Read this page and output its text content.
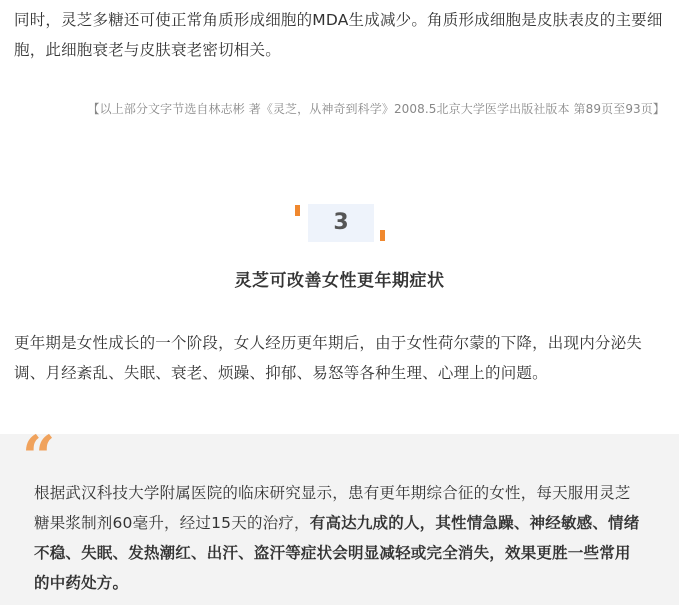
同时，灵芝多糖还可使正常角质形成细胞的MDA生成减少。角质形成细胞是皮肤表皮的主要细胞，此细胞衰老与皮肤衰老密切相关。

【以上部分文字节选自林志彬 著《灵芝，从神奇到科学》2008.5北京大学医学出版社版本 第89页至93页】
3
灵芝可改善女性更年期症状

更年期是女性成长的一个阶段，女人经历更年期后，由于女性荷尔蒙的下降，出现内分泌失调、月经紊乱、失眠、衰老、烦躁、抑郁、易怒等各种生理、心理上的问题。

“

根据武汉科技大学附属医院的临床研究显示，患有更年期综合征的女性，每天服用灵芝糖果浆制剂60毫升，经过15天的治疗，有高达九成的人，其性情急躁、神经敏感、情绪不稳、失眠、发热潮红、出汗、盗汗等症状会明显减轻或完全消失，效果更胜一些常用的中药处方。
